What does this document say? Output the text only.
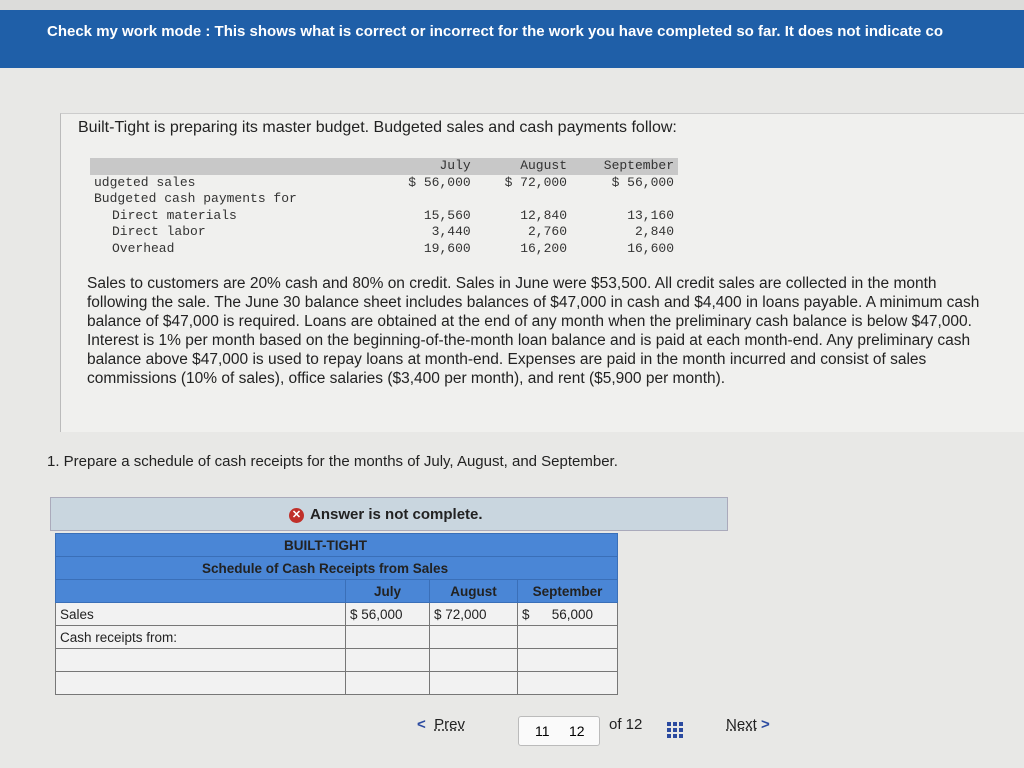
Check my work mode : This shows what is correct or incorrect for the work you have completed so far. It does not indicate co
Built-Tight is preparing its master budget. Budgeted sales and cash payments follow:
	July	August	September
udgeted sales	$ 56,000	$ 72,000	$ 56,000
Budgeted cash payments for			
Direct materials	15,560	12,840	13,160
Direct labor	3,440	2,760	2,840
Overhead	19,600	16,200	16,600
Sales to customers are 20% cash and 80% on credit. Sales in June were $53,500. All credit sales are collected in the month following the sale. The June 30 balance sheet includes balances of $47,000 in cash and $4,400 in loans payable. A minimum cash balance of $47,000 is required. Loans are obtained at the end of any month when the preliminary cash balance is below $47,000. Interest is 1% per month based on the beginning-of-the-month loan balance and is paid at each month-end. Any preliminary cash balance above $47,000 is used to repay loans at month-end. Expenses are paid in the month incurred and consist of sales commissions (10% of sales), office salaries ($3,400 per month), and rent ($5,900 per month).
1. Prepare a schedule of cash receipts for the months of July, August, and September.
✕ Answer is not complete.
BUILT-TIGHT			
Schedule of Cash Receipts from Sales			
	July	August	September
Sales	$ 56,000	$ 72,000	$ 56,000

Cash receipts from:			

< Prev	11 12 of 12	Next >
